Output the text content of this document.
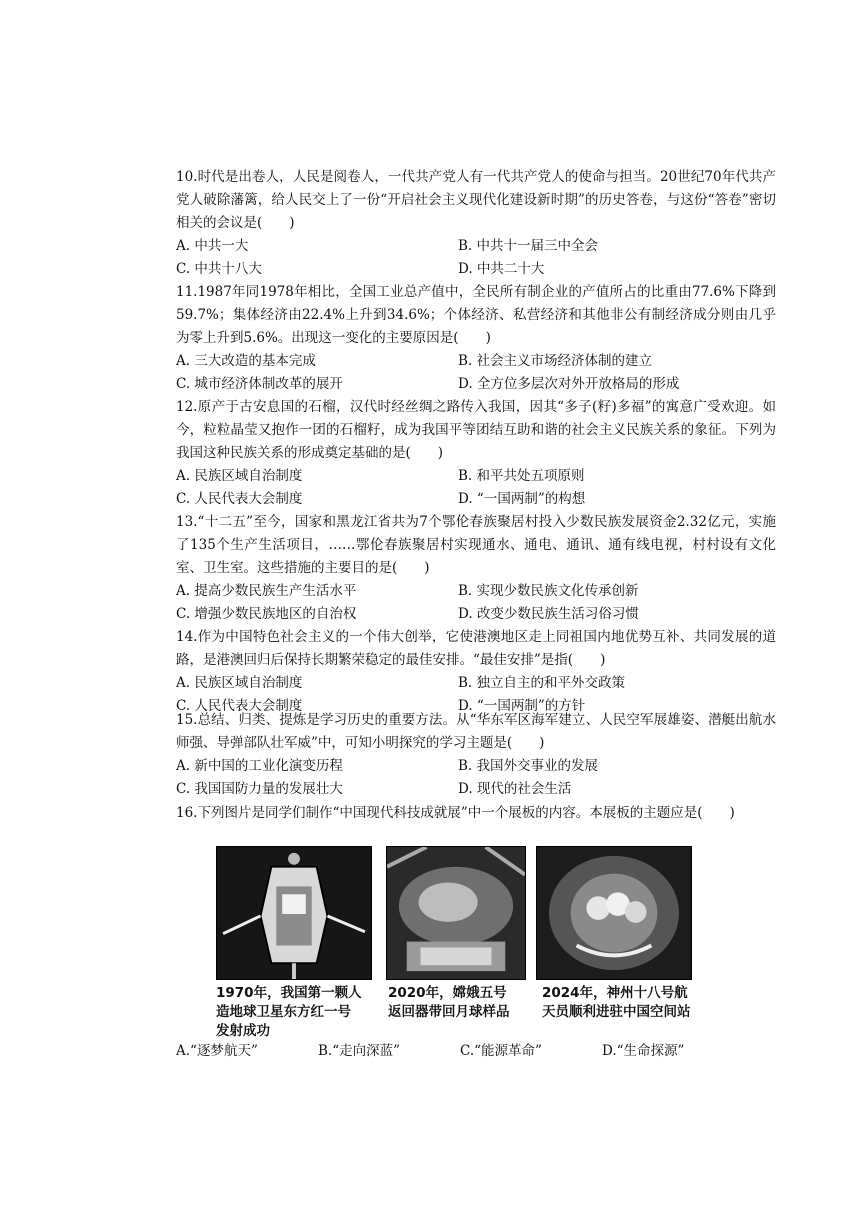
10.时代是出卷人，人民是阅卷人，一代共产党人有一代共产党人的使命与担当。20世纪70年代共产党人破除藩篱，给人民交上了一份“开启社会主义现代化建设新时期”的历史答卷，与这份“答卷”密切相关的会议是(　　)

A. 中共一大	B. 中共十一届三中全会
C. 中共十八大	D. 中共二十大

11.1987年同1978年相比，全国工业总产值中，全民所有制企业的产值所占的比重由77.6%下降到59.7%；集体经济由22.4%上升到34.6%；个体经济、私营经济和其他非公有制经济成分则由几乎为零上升到5.6%。出现这一变化的主要原因是(　　)

A. 三大改造的基本完成	B. 社会主义市场经济体制的建立
C. 城市经济体制改革的展开	D. 全方位多层次对外开放格局的形成

12.原产于古安息国的石榴，汉代时经丝绸之路传入我国，因其“多子(籽)多福”的寓意广受欢迎。如今，粒粒晶莹又抱作一团的石榴籽，成为我国平等团结互助和谐的社会主义民族关系的象征。下列为我国这种民族关系的形成奠定基础的是(　　)

A. 民族区域自治制度	B. 和平共处五项原则
C. 人民代表大会制度	D. “一国两制”的构想

13.“十二五”至今，国家和黑龙江省共为7个鄂伦春族聚居村投入少数民族发展资金2.32亿元，实施了135个生产生活项目，……鄂伦春族聚居村实现通水、通电、通讯、通有线电视，村村设有文化室、卫生室。这些措施的主要目的是(　　)

A. 提高少数民族生产生活水平	B. 实现少数民族文化传承创新
C. 增强少数民族地区的自治权	D. 改变少数民族生活习俗习惯

14.作为中国特色社会主义的一个伟大创举，它使港澳地区走上同祖国内地优势互补、共同发展的道路，是港澳回归后保持长期繁荣稳定的最佳安排。“最佳安排”是指(　　)

A. 民族区域自治制度	B. 独立自主的和平外交政策
C. 人民代表大会制度	D. “一国两制”的方针

15.总结、归类、提炼是学习历史的重要方法。从“华东军区海军建立、人民空军展雄姿、潜艇出航水师强、导弹部队壮军威”中，可知小明探究的学习主题是(　　)

A. 新中国的工业化演变历程	B. 我国外交事业的发展
C. 我国国防力量的发展壮大	D. 现代的社会生活

16.下列图片是同学们制作“中国现代科技成就展”中一个展板的内容。本展板的主题应是(　　)

1970年，我国第一颗人
造地球卫星东方红一号
发射成功
2020年，嫦娥五号
返回器带回月球样品
2024年，神州十八号航
天员顺利进驻中国空间站
A.“逐梦航天”	B.“走向深蓝”	C.“能源革命”	D.“生命探源”
